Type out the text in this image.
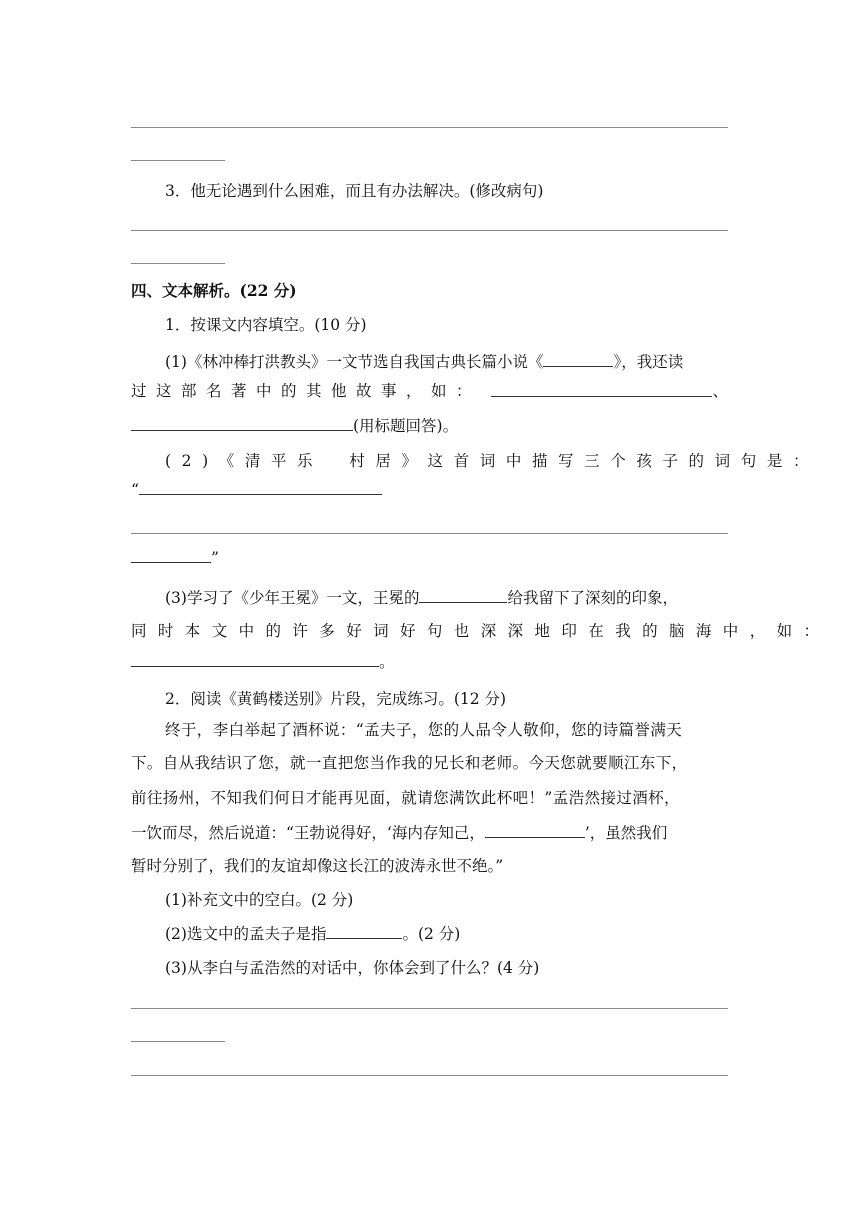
3．他无论遇到什么困难，而且有办法解决。(修改病句)
四、文本解析。(22 分)
1．按课文内容填空。(10 分)
(1)《林冲棒打洪教头》一文节选自我国古典长篇小说《	》，我还读
过这部名著中的其他故事，如：	、
(用标题回答)。
(2)《清平乐　村居》这首词中描写三个孩子的词句是：
“
”
(3)学习了《少年王冕》一文，王冕的	给我留下了深刻的印象，
同时本文中的许多好词好句也深深地印在我的脑海中，如：
。
2．阅读《黄鹤楼送别》片段，完成练习。(12 分)
终于，李白举起了酒杯说：“孟夫子，您的人品令人敬仰，您的诗篇誉满天
下。自从我结识了您，就一直把您当作我的兄长和老师。今天您就要顺江东下，
前往扬州，不知我们何日才能再见面，就请您满饮此杯吧！”孟浩然接过酒杯，
一饮而尽，然后说道：“王勃说得好，‘海内存知己，	’，虽然我们
暂时分别了，我们的友谊却像这长江的波涛永世不绝。”
(1)补充文中的空白。(2 分)
(2)选文中的孟夫子是指	。(2 分)
(3)从李白与孟浩然的对话中，你体会到了什么？(4 分)
